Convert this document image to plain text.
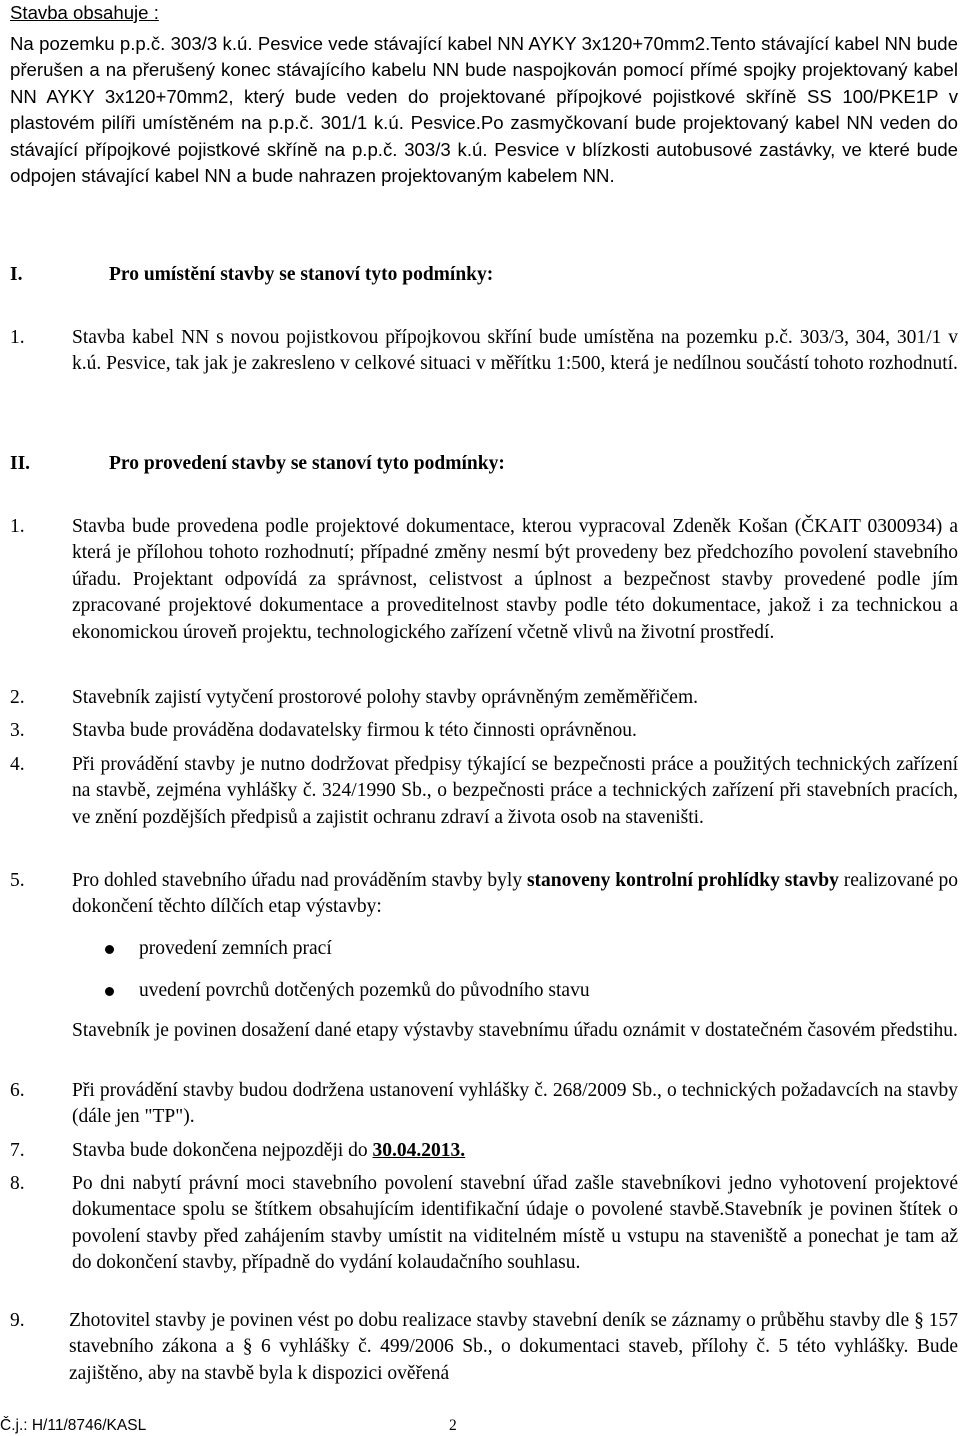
Stavba obsahuje :
Na pozemku p.p.č. 303/3 k.ú. Pesvice vede stávající kabel NN AYKY 3x120+70mm2.Tento stávající kabel NN bude přerušen a na přerušený konec stávajícího kabelu NN bude naspojkován pomocí přímé spojky projektovaný kabel NN AYKY 3x120+70mm2, který bude veden do projektované přípojkové pojistkové skříně SS 100/PKE1P v plastovém pilíři umístěném na p.p.č. 301/1 k.ú. Pesvice.Po zasmyčkovaní bude projektovaný kabel NN veden do stávající přípojkové pojistkové skříně na p.p.č. 303/3 k.ú. Pesvice v blízkosti autobusové zastávky, ve které bude odpojen stávající kabel NN a bude nahrazen projektovaným kabelem NN.
I.	Pro umístění stavby se stanoví tyto podmínky:
1. Stavba kabel NN s novou pojistkovou přípojkovou skříní bude umístěna na pozemku p.č. 303/3, 304, 301/1 v k.ú. Pesvice, tak jak je zakresleno v celkové situaci v měřítku 1:500, která je nedílnou součástí tohoto rozhodnutí.
II.	Pro provedení stavby se stanoví tyto podmínky:
1. Stavba bude provedena podle projektové dokumentace, kterou vypracoval Zdeněk Košan (ČKAIT 0300934) a která je přílohou tohoto rozhodnutí; případné změny nesmí být provedeny bez předchozího povolení stavebního úřadu. Projektant odpovídá za správnost, celistvost a úplnost a bezpečnost stavby provedené podle jím zpracované projektové dokumentace a proveditelnost stavby podle této dokumentace, jakož i za technickou a ekonomickou úroveň projektu, technologického zařízení včetně vlivů na životní prostředí.
2. Stavebník zajistí vytyčení prostorové polohy stavby oprávněným zeměměřičem.
3. Stavba bude prováděna dodavatelsky firmou k této činnosti oprávněnou.
4. Při provádění stavby je nutno dodržovat předpisy týkající se bezpečnosti práce a použitých technických zařízení na stavbě, zejména vyhlášky č. 324/1990 Sb., o bezpečnosti práce a technických zařízení při stavebních pracích, ve znění pozdějších předpisů a zajistit ochranu zdraví a života osob na staveništi.
5. Pro dohled stavebního úřadu nad prováděním stavby byly stanoveny kontrolní prohlídky stavby realizované po dokončení těchto dílčích etap výstavby:
provedení zemních prací
uvedení povrchů dotčených pozemků do původního stavu
Stavebník je povinen dosažení dané etapy výstavby stavebnímu úřadu oznámit v dostatečném časovém předstihu.
6. Při provádění stavby budou dodržena ustanovení vyhlášky č. 268/2009 Sb., o technických požadavcích na stavby (dále jen "TP").
7. Stavba bude dokončena nejpozději do 30.04.2013.
8. Po dni nabytí právní moci stavebního povolení stavební úřad zašle stavebníkovi jedno vyhotovení projektové dokumentace spolu se štítkem obsahujícím identifikační údaje o povolené stavbě.Stavebník je povinen štítek o povolení stavby před zahájením stavby umístit na viditelném místě u vstupu na staveniště a ponechat je tam až do dokončení stavby, případně do vydání kolaudačního souhlasu.
9. Zhotovitel stavby je povinen vést po dobu realizace stavby stavební deník se záznamy o průběhu stavby dle § 157 stavebního zákona a § 6 vyhlášky č. 499/2006 Sb., o dokumentaci staveb, přílohy č. 5 této vyhlášky. Bude zajištěno, aby na stavbě byla k dispozici ověřená
Č.j.: H/11/8746/KASL	2
